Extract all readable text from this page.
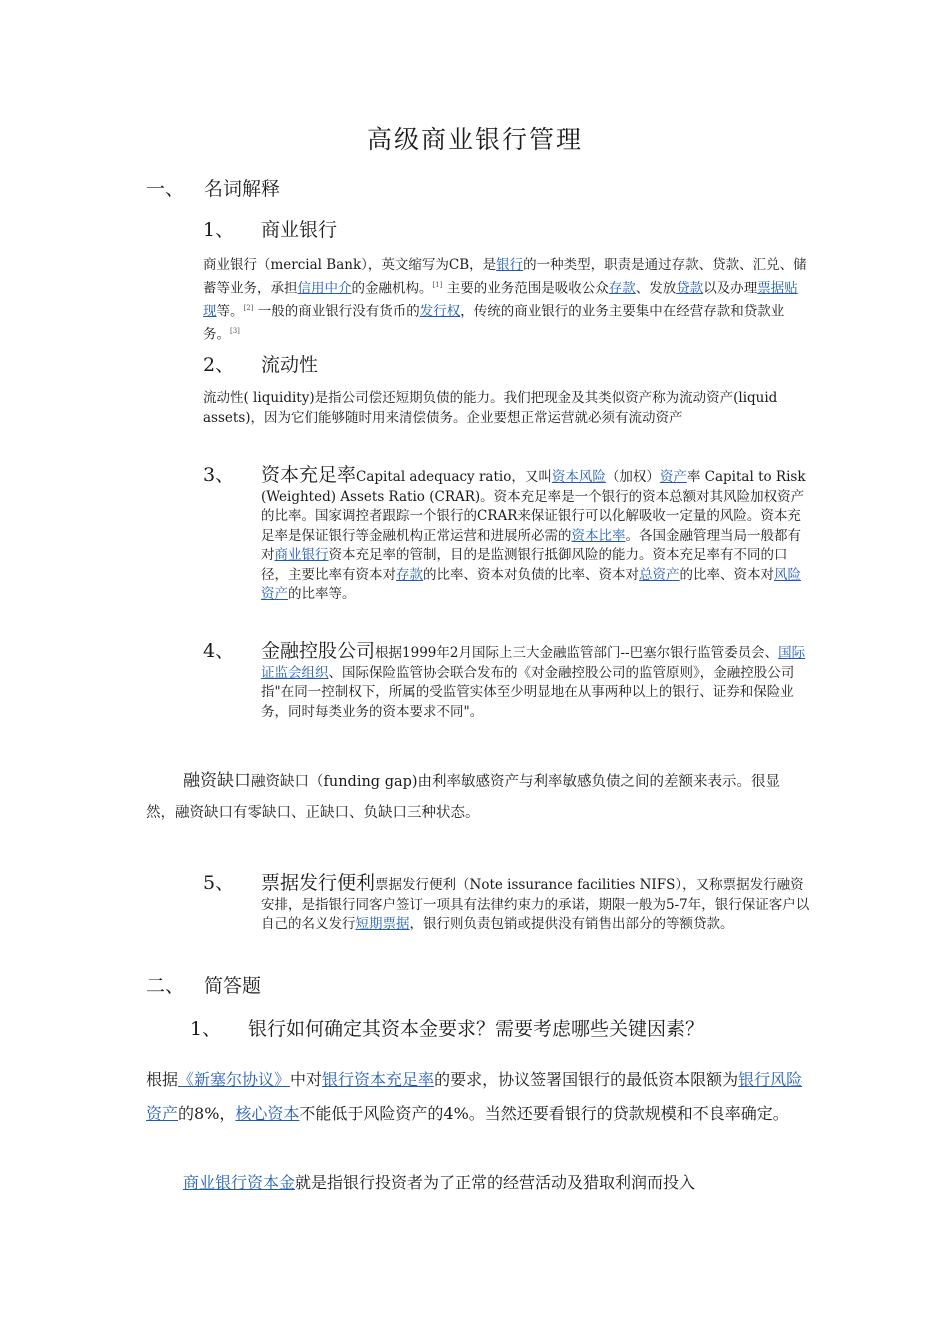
高级商业银行管理
一、 名词解释
1、 商业银行
商业银行（mercial Bank），英文缩写为CB，是银行的一种类型，职责是通过存款、贷款、汇兑、储蓄等业务，承担信用中介的金融机构。[1] 主要的业务范围是吸收公众存款、发放贷款以及办理票据贴现等。[2] 一般的商业银行没有货币的发行权，传统的商业银行的业务主要集中在经营存款和贷款业务。[3]
2、 流动性
流动性( liquidity)是指公司偿还短期负债的能力。我们把现金及其类似资产称为流动资产(liquid assets)，因为它们能够随时用来清偿债务。企业要想正常运营就必须有流动资产
3、 资本充足率Capital adequacy ratio，又叫资本风险（加权）资产率 Capital to Risk (Weighted) Assets Ratio (CRAR)。资本充足率是一个银行的资本总额对其风险加权资产的比率。国家调控者跟踪一个银行的CRAR来保证银行可以化解吸收一定量的风险。资本充足率是保证银行等金融机构正常运营和进展所必需的资本比率。各国金融管理当局一般都有对商业银行资本充足率的管制，目的是监测银行抵御风险的能力。资本充足率有不同的口径，主要比率有资本对存款的比率、资本对负债的比率、资本对总资产的比率、资本对风险资产的比率等。
4、 金融控股公司根据1999年2月国际上三大金融监管部门--巴塞尔银行监管委员会、国际证监会组织、国际保险监管协会联合发布的《对金融控股公司的监管原则》，金融控股公司指"在同一控制权下，所属的受监管实体至少明显地在从事两种以上的银行、证券和保险业务，同时每类业务的资本要求不同"。
融资缺口融资缺口（funding gap)由利率敏感资产与利率敏感负债之间的差额来表示。很显然，融资缺口有零缺口、正缺口、负缺口三种状态。
5、 票据发行便利票据发行便利（Note issurance facilities NIFS），又称票据发行融资安排，是指银行同客户签订一项具有法律约束力的承诺，期限一般为5-7年，银行保证客户以自己的名义发行短期票据，银行则负责包销或提供没有销售出部分的等额贷款。
二、 简答题
1、 银行如何确定其资本金要求？需要考虑哪些关键因素？
根据《新塞尔协议》中对银行资本充足率的要求，协议签署国银行的最低资本限额为银行风险资产的8%，核心资本不能低于风险资产的4%。当然还要看银行的贷款规模和不良率确定。
商业银行资本金就是指银行投资者为了正常的经营活动及猎取利润而投入
